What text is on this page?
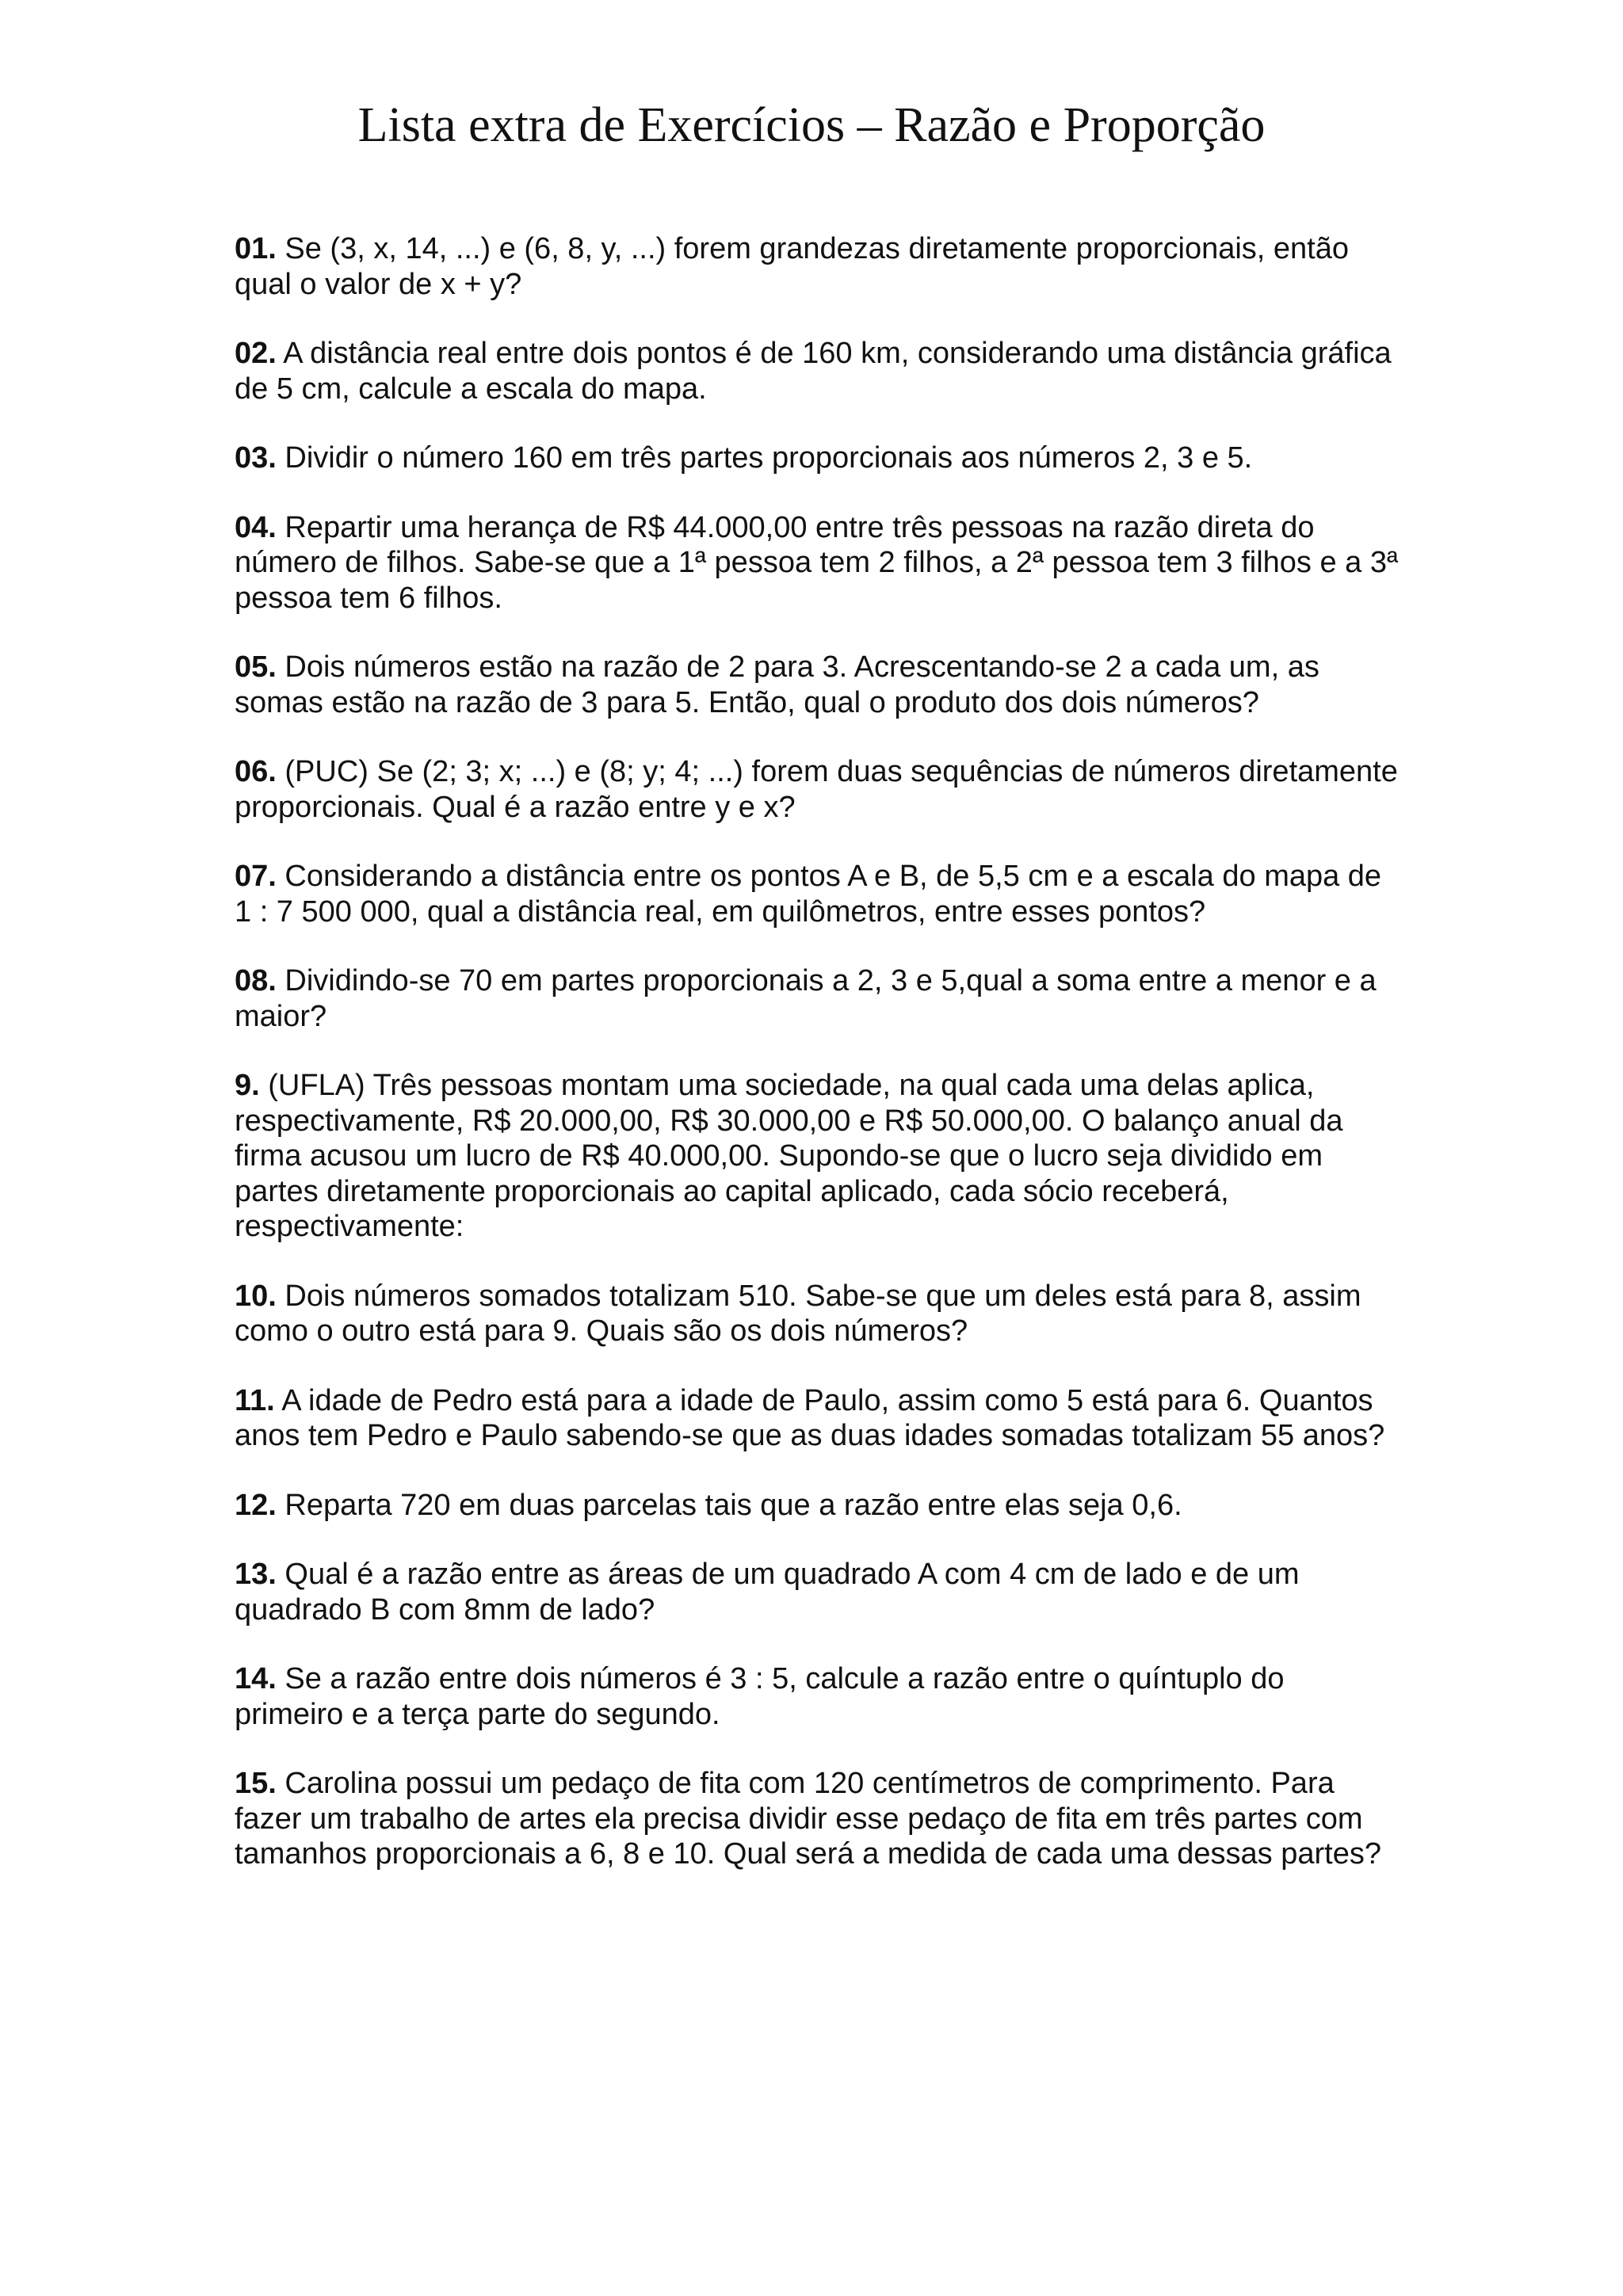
Lista extra de Exercícios – Razão e Proporção

01. Se (3, x, 14, ...) e (6, 8, y, ...) forem grandezas diretamente proporcionais, então
qual o valor de x + y?

02. A distância real entre dois pontos é de 160 km, considerando uma distância gráfica
de 5 cm, calcule a escala do mapa.

03. Dividir o número 160 em três partes proporcionais aos números 2, 3 e 5.

04. Repartir uma herança de R$ 44.000,00 entre três pessoas na razão direta do
número de filhos. Sabe-se que a 1ª pessoa tem 2 filhos, a 2ª pessoa tem 3 filhos e a 3ª
pessoa tem 6 filhos.

05. Dois números estão na razão de 2 para 3. Acrescentando-se 2 a cada um, as
somas estão na razão de 3 para 5. Então, qual o produto dos dois números?

06. (PUC) Se (2; 3; x; ...) e (8; y; 4; ...) forem duas sequências de números diretamente
proporcionais. Qual é a razão entre y e x?

07. Considerando a distância entre os pontos A e B, de 5,5 cm e a escala do mapa de
1 : 7 500 000, qual a distância real, em quilômetros, entre esses pontos?

08. Dividindo-se 70 em partes proporcionais a 2, 3 e 5,qual a soma entre a menor e a
maior?

9. (UFLA) Três pessoas montam uma sociedade, na qual cada uma delas aplica,
respectivamente, R$ 20.000,00, R$ 30.000,00 e R$ 50.000,00. O balanço anual da
firma acusou um lucro de R$ 40.000,00. Supondo-se que o lucro seja dividido em
partes diretamente proporcionais ao capital aplicado, cada sócio receberá,
respectivamente:

10. Dois números somados totalizam 510. Sabe-se que um deles está para 8, assim
como o outro está para 9. Quais são os dois números?

11. A idade de Pedro está para a idade de Paulo, assim como 5 está para 6. Quantos
anos tem Pedro e Paulo sabendo-se que as duas idades somadas totalizam 55 anos?

12. Reparta 720 em duas parcelas tais que a razão entre elas seja 0,6.

13. Qual é a razão entre as áreas de um quadrado A com 4 cm de lado e de um
quadrado B com 8mm de lado?

14. Se a razão entre dois números é 3 : 5, calcule a razão entre o quíntuplo do
primeiro e a terça parte do segundo.

15. Carolina possui um pedaço de fita com 120 centímetros de comprimento. Para
fazer um trabalho de artes ela precisa dividir esse pedaço de fita em três partes com
tamanhos proporcionais a 6, 8 e 10. Qual será a medida de cada uma dessas partes?
